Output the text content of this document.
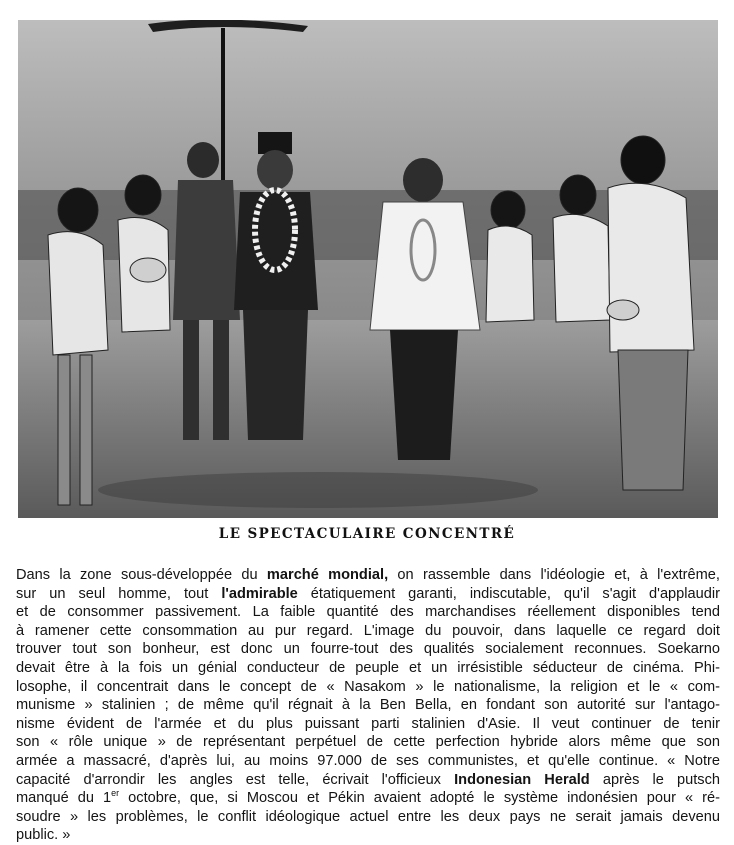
LE SPECTACULAIRE CONCENTRÉ
Dans la zone sous-développée du marché mondial, on rassemble dans l'idéologie et, à l'extrême,
sur un seul homme, tout l'admirable étatiquement garanti, indiscutable, qu'il s'agit d'applaudir
et de consommer passivement. La faible quantité des marchandises réellement disponibles tend
à ramener cette consommation au pur regard. L'image du pouvoir, dans laquelle ce regard doit
trouver tout son bonheur, est donc un fourre-tout des qualités socialement reconnues. Soekarno
devait être à la fois un génial conducteur de peuple et un irrésistible séducteur de cinéma. Phi-
losophe, il concentrait dans le concept de « Nasakom » le nationalisme, la religion et le « com-
munisme » stalinien ; de même qu'il régnait à la Ben Bella, en fondant son autorité sur l'antago-
nisme évident de l'armée et du plus puissant parti stalinien d'Asie. Il veut continuer de tenir
son « rôle unique » de représentant perpétuel de cette perfection hybride alors même que son
armée a massacré, d'après lui, au moins 97.000 de ses communistes, et qu'elle continue. « Notre
capacité d'arrondir les angles est telle, écrivait l'officieux Indonesian Herald après le putsch
manqué du 1er octobre, que, si Moscou et Pékin avaient adopté le système indonésien pour « ré-
soudre » les problèmes, le conflit idéologique actuel entre les deux pays ne serait jamais devenu
public. »
